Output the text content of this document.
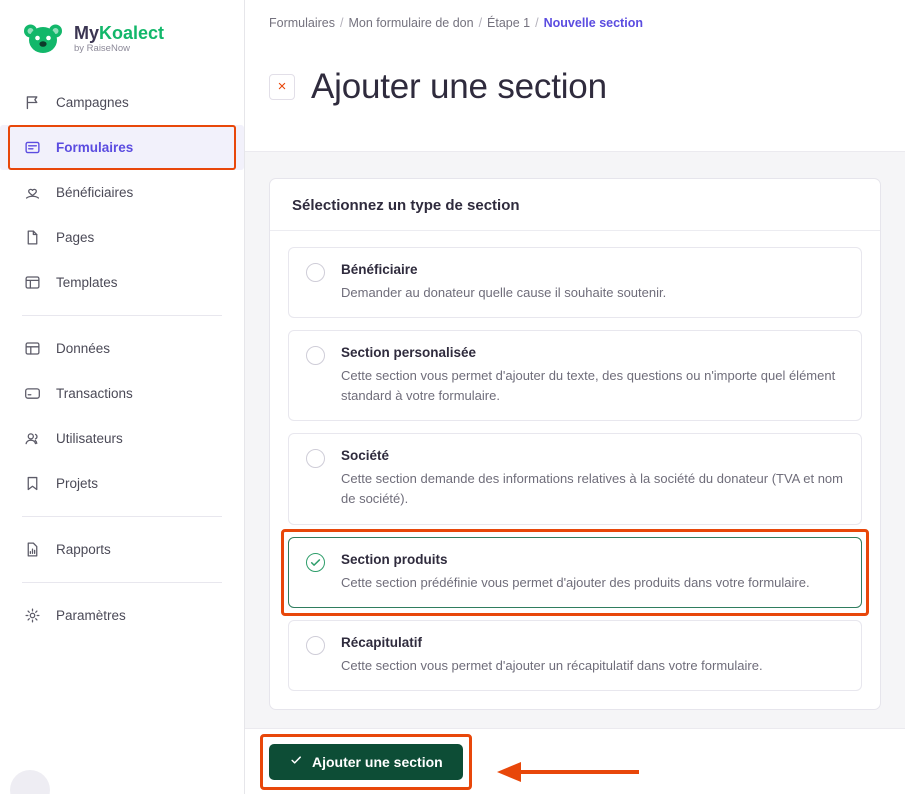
MyKoalect
by RaiseNow
Campagnes
Formulaires
Bénéficiaires
Pages
Templates
Données
Transactions
Utilisateurs
Projets
Rapports
Paramètres
Formulaires / Mon formulaire de don / Étape 1 / Nouvelle section
× Ajouter une section
Sélectionnez un type de section
Bénéficiaire
Demander au donateur quelle cause il souhaite soutenir.
Section personalisée
Cette section vous permet d'ajouter du texte, des questions ou n'importe quel élément standard à votre formulaire.
Société
Cette section demande des informations relatives à la société du donateur (TVA et nom de société).
Section produits
Cette section prédéfinie vous permet d'ajouter des produits dans votre formulaire.
Récapitulatif
Cette section vous permet d'ajouter un récapitulatif dans votre formulaire.
Ajouter une section
